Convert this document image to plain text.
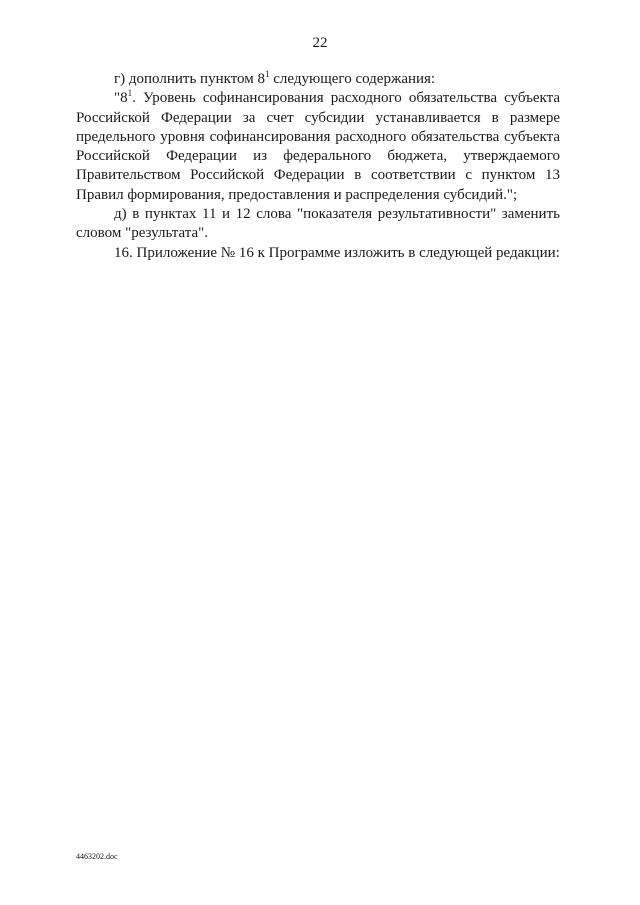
22

г) дополнить пунктом $8^1$ следующего содержания:

"$8^1$. Уровень софинансирования расходного обязательства субъекта Российской Федерации за счет субсидии устанавливается в размере предельного уровня софинансирования расходного обязательства субъекта Российской Федерации из федерального бюджета, утверждаемого Правительством Российской Федерации в соответствии с пунктом 13 Правил формирования, предоставления и распределения субсидий.";

д) в пунктах 11 и 12 слова "показателя результативности" заменить словом "результата".

16. Приложение № 16 к Программе изложить в следующей редакции:

4463202.doc
